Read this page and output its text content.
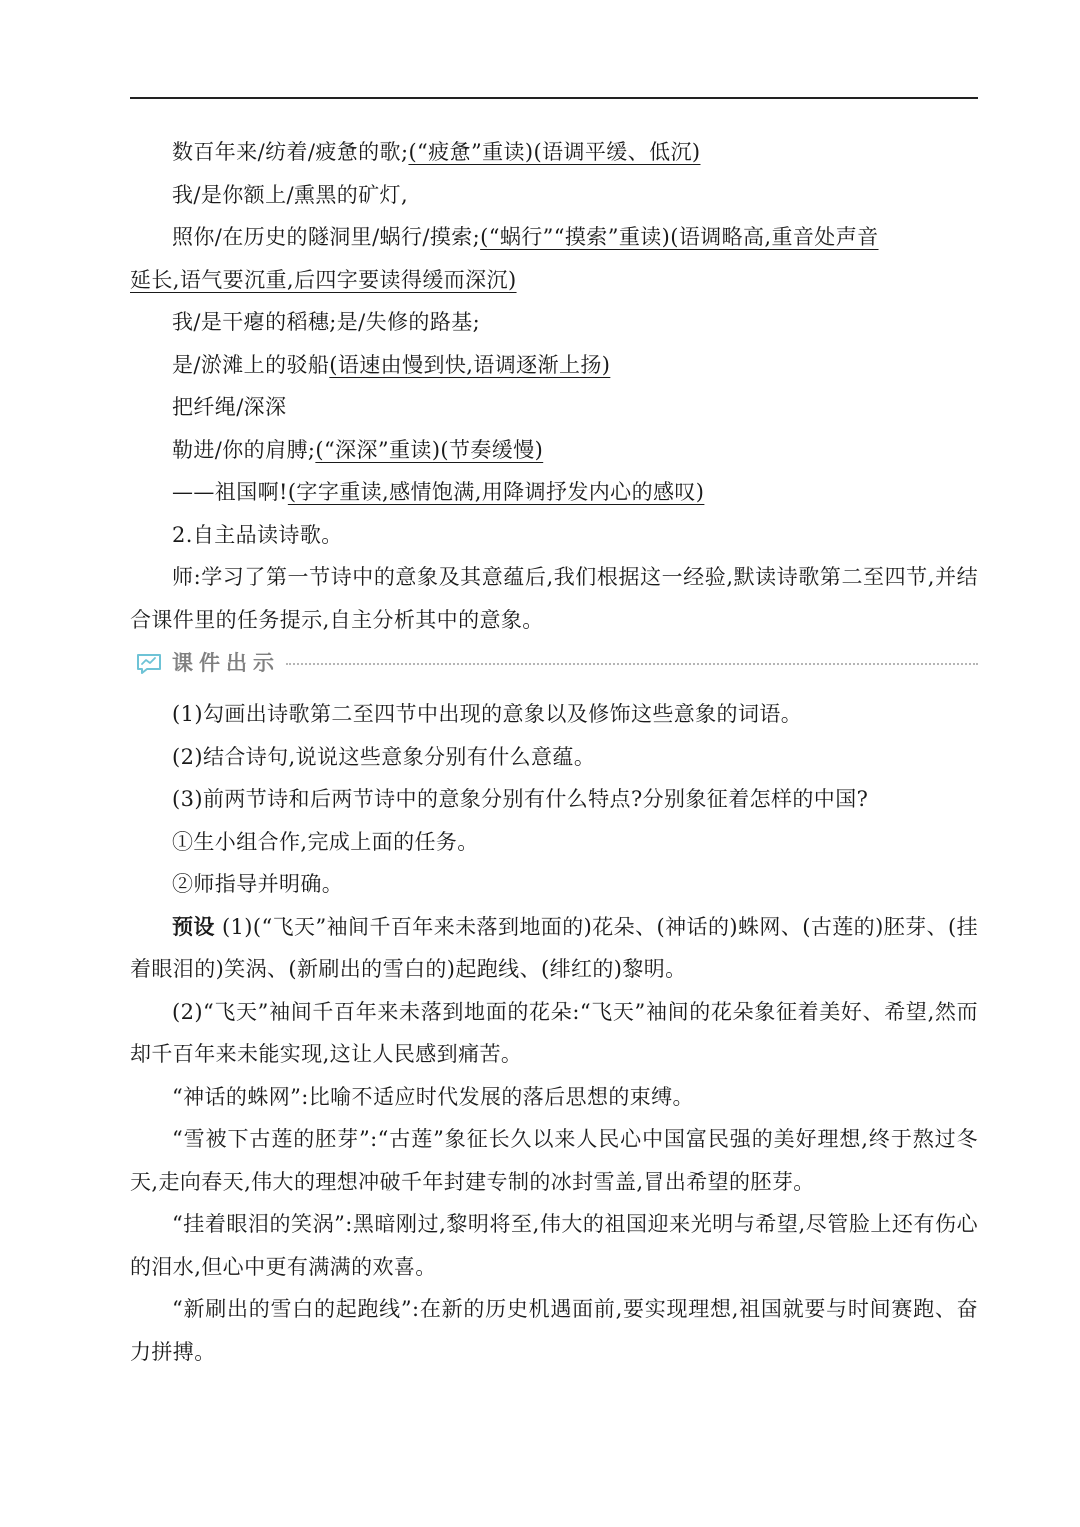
数百年来/纺着/疲惫的歌;(“疲惫”重读)(语调平缓、低沉)

我/是你额上/熏黑的矿灯,

照你/在历史的隧洞里/蜗行/摸索;(“蜗行”“摸索”重读)(语调略高,重音处声音
延长,语气要沉重,后四字要读得缓而深沉)

我/是干瘪的稻穗;是/失修的路基;

是/淤滩上的驳船(语速由慢到快,语调逐渐上扬)

把纤绳/深深

勒进/你的肩膊;(“深深”重读)(节奏缓慢)

——祖国啊!(字字重读,感情饱满,用降调抒发内心的感叹)

2.自主品读诗歌。

师:学习了第一节诗中的意象及其意蕴后,我们根据这一经验,默读诗歌第二至四节,并结合课件里的任务提示,自主分析其中的意象。

课件出示

(1)勾画出诗歌第二至四节中出现的意象以及修饰这些意象的词语。

(2)结合诗句,说说这些意象分别有什么意蕴。

(3)前两节诗和后两节诗中的意象分别有什么特点?分别象征着怎样的中国?

①生小组合作,完成上面的任务。

②师指导并明确。

预设 (1)(“飞天”袖间千百年来未落到地面的)花朵、(神话的)蛛网、(古莲的)胚芽、(挂着眼泪的)笑涡、(新刷出的雪白的)起跑线、(绯红的)黎明。

(2)“飞天”袖间千百年来未落到地面的花朵:“飞天”袖间的花朵象征着美好、希望,然而却千百年来未能实现,这让人民感到痛苦。

“神话的蛛网”:比喻不适应时代发展的落后思想的束缚。

“雪被下古莲的胚芽”:“古莲”象征长久以来人民心中国富民强的美好理想,终于熬过冬天,走向春天,伟大的理想冲破千年封建专制的冰封雪盖,冒出希望的胚芽。

“挂着眼泪的笑涡”:黑暗刚过,黎明将至,伟大的祖国迎来光明与希望,尽管脸上还有伤心的泪水,但心中更有满满的欢喜。

“新刷出的雪白的起跑线”:在新的历史机遇面前,要实现理想,祖国就要与时间赛跑、奋力拼搏。
